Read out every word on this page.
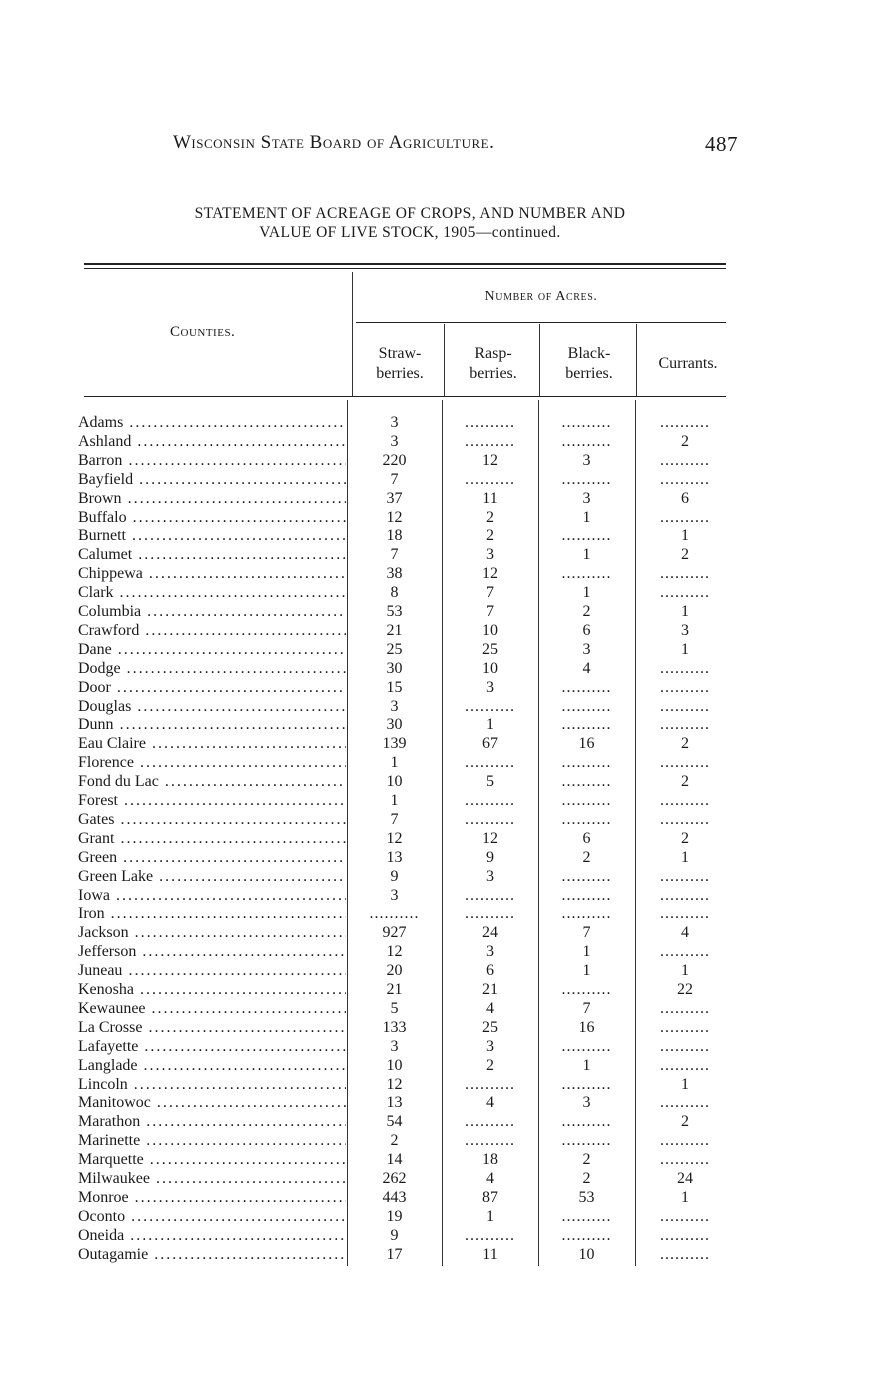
Wisconsin State Board of Agriculture.	487
STATEMENT OF ACREAGE OF CROPS, AND NUMBER AND
VALUE OF LIVE STOCK, 1905—continued.
Counties.
Number of Acres.
Straw-
berries.
Rasp-
berries.
Black-
berries.
Currants.
Adams .....	3	..........	..........	..........
Ashland .....	3	..........	..........	2
Barron .....	220	12	3	..........
Bayfield .....	7	..........	..........	..........
Brown .....	37	11	3	6
Buffalo .....	12	2	1	..........
Burnett .....	18	2	..........	1
Calumet .....	7	3	1	2
Chippewa .....	38	12	..........	..........
Clark .....	8	7	1	..........
Columbia .....	53	7	2	1
Crawford .....	21	10	6	3
Dane .....	25	25	3	1
Dodge .....	30	10	4	..........
Door .....	15	3	..........	..........
Douglas .....	3	..........	..........	..........
Dunn .....	30	1	..........	..........
Eau Claire .....	139	67	16	2
Florence .....	1	..........	..........	..........
Fond du Lac .....	10	5	..........	2
Forest .....	1	..........	..........	..........
Gates .....	7	..........	..........	..........
Grant .....	12	12	6	2
Green .....	13	9	2	1
Green Lake .....	9	3	..........	..........
Iowa .....	3	..........	..........	..........
Iron .....	..........	..........	..........	..........
Jackson .....	927	24	7	4
Jefferson .....	12	3	1	..........
Juneau .....	20	6	1	1
Kenosha .....	21	21	..........	22
Kewaunee .....	5	4	7	..........
La Crosse .....	133	25	16	..........
Lafayette .....	3	3	..........	..........
Langlade .....	10	2	1	..........
Lincoln .....	12	..........	..........	1
Manitowoc .....	13	4	3	..........
Marathon .....	54	..........	..........	2
Marinette .....	2	..........	..........	..........
Marquette .....	14	18	2	..........
Milwaukee .....	262	4	2	24
Monroe .....	443	87	53	1
Oconto .....	19	1	..........	..........
Oneida .....	9	..........	..........	..........
Outagamie .....	17	11	10	..........
